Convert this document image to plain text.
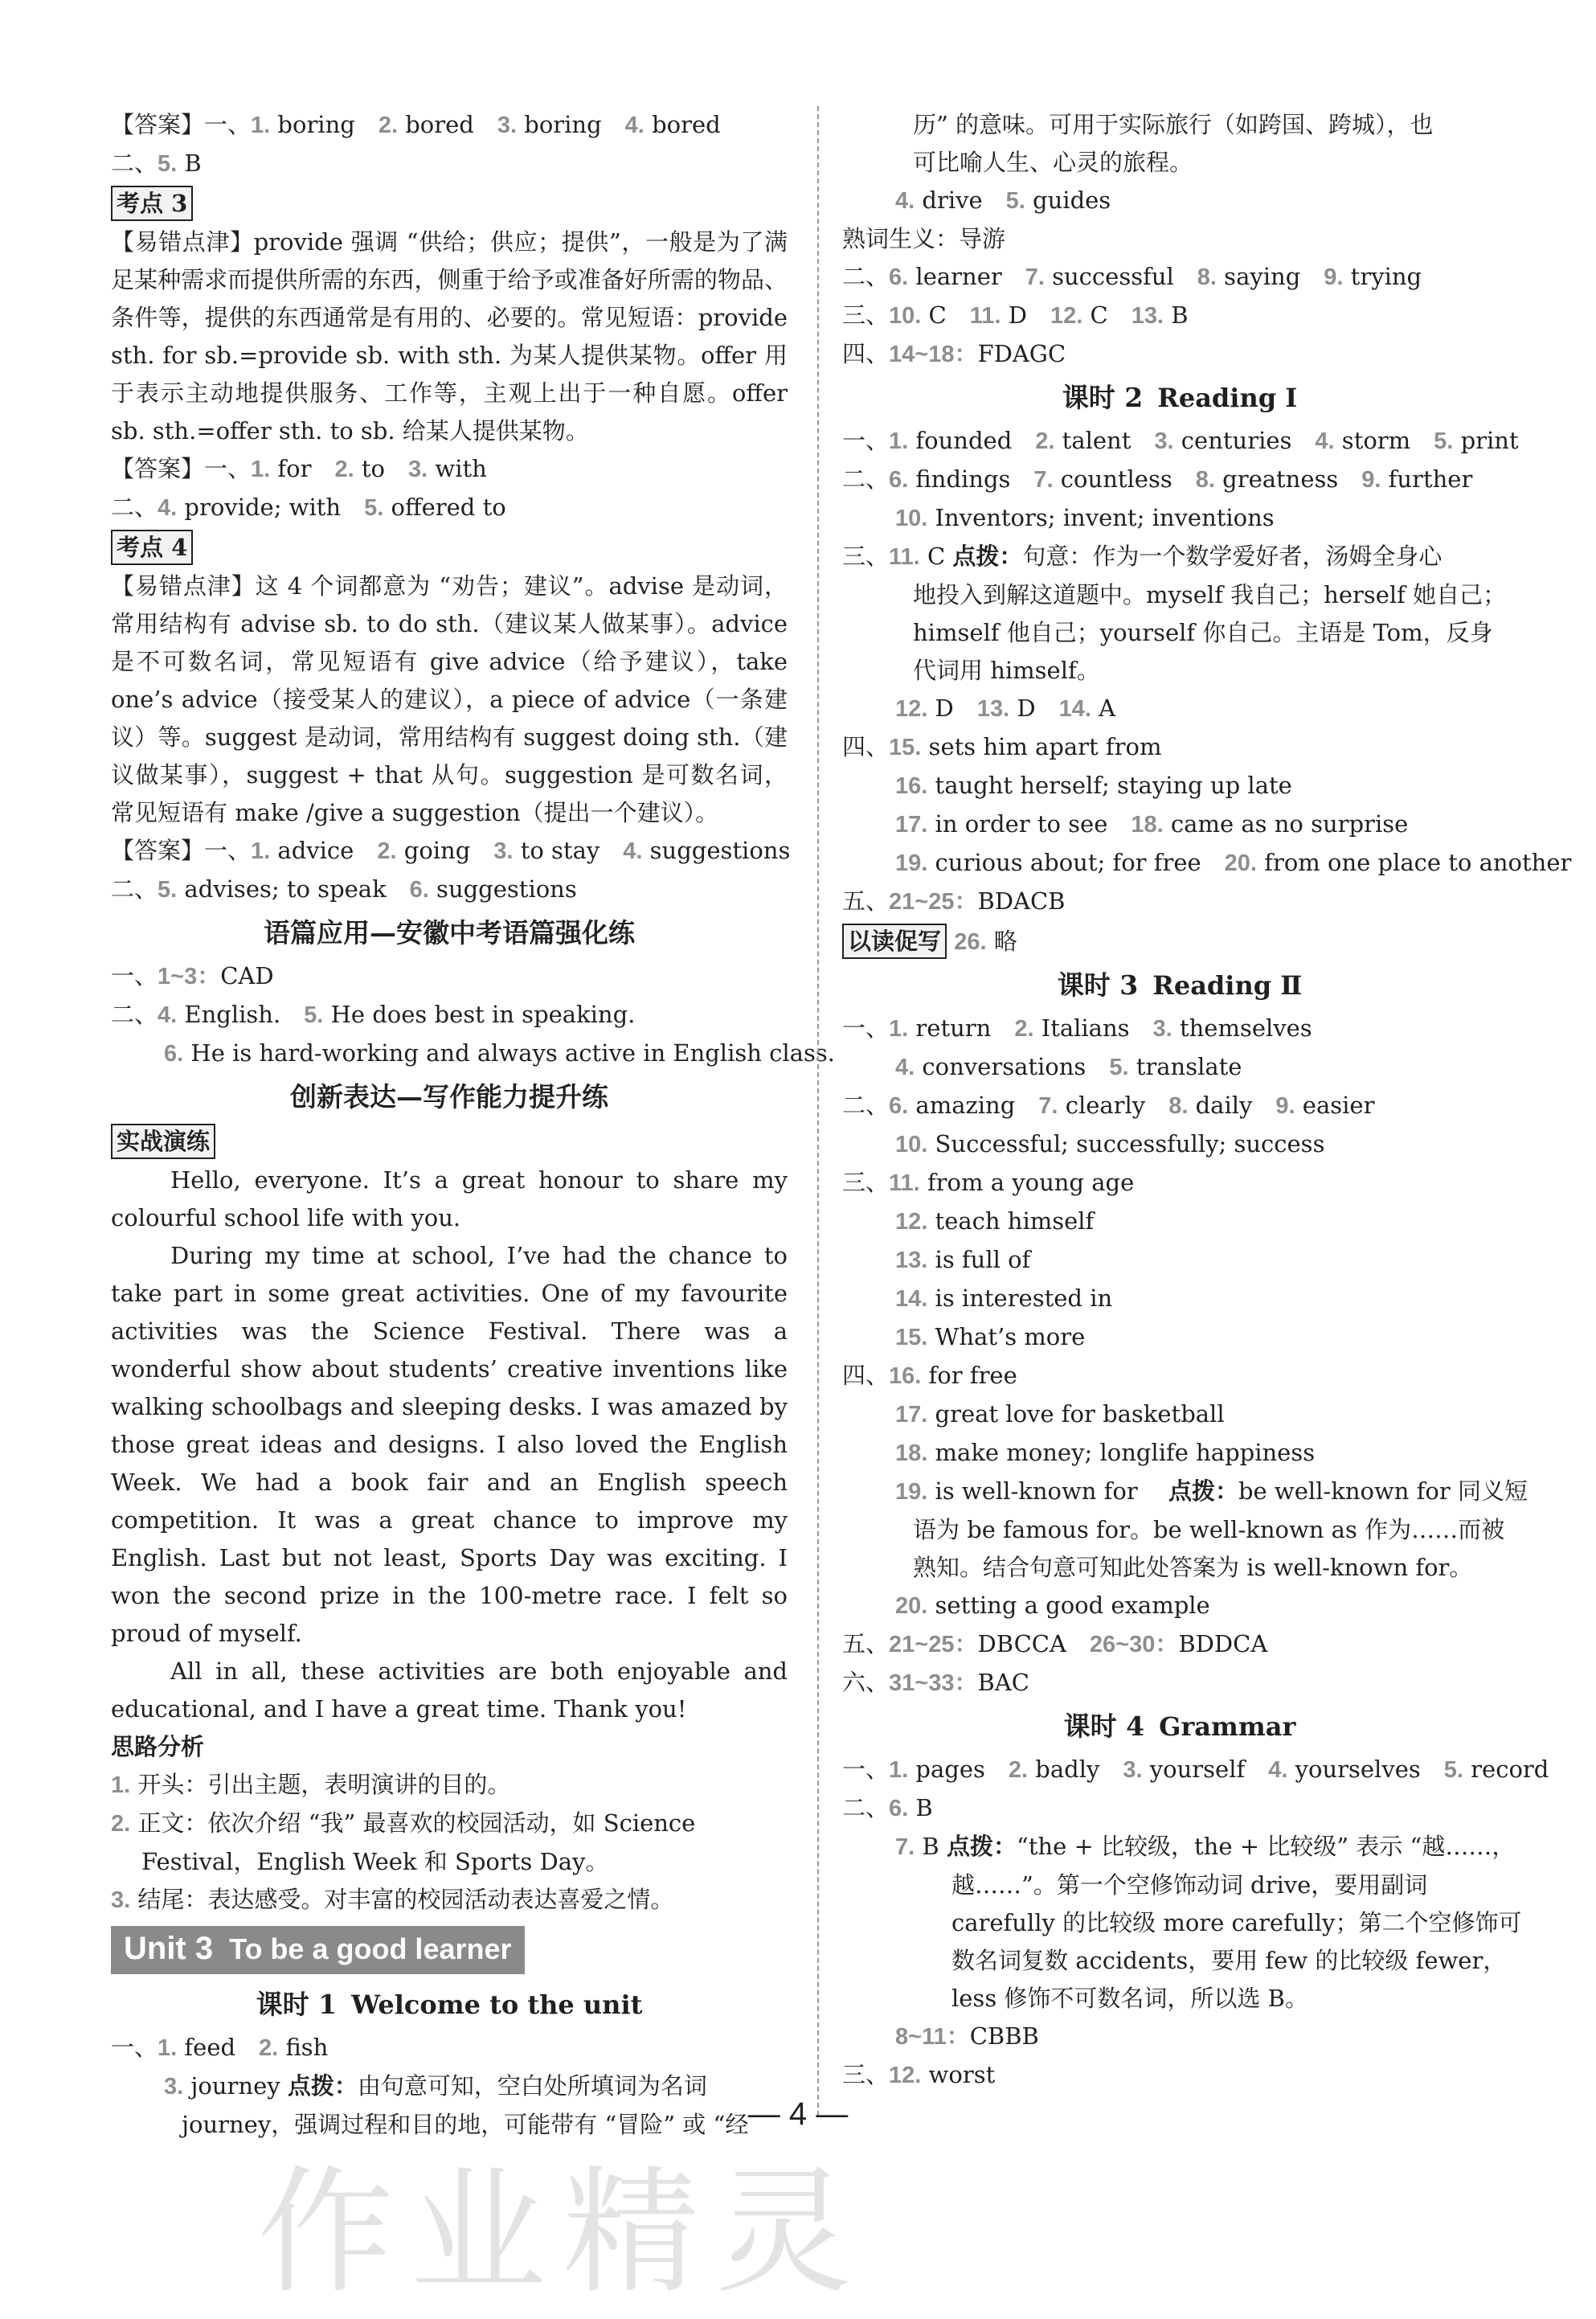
【答案】一、1. boring　2. bored　3. boring　4. bored
二、5. B
考点 3
【易错点津】provide 强调 “供给；供应；提供”，一般是为了满足某种需求而提供所需的东西，侧重于给予或准备好所需的物品、条件等，提供的东西通常是有用的、必要的。常见短语：provide sth. for sb.=provide sb. with sth. 为某人提供某物。offer 用于表示主动地提供服务、工作等，主观上出于一种自愿。offer sb. sth.=offer sth. to sb. 给某人提供某物。
【答案】一、1. for　2. to　3. with
二、4. provide; with　5. offered to
考点 4
【易错点津】这 4 个词都意为 “劝告；建议”。advise 是动词，常用结构有 advise sb. to do sth.（建议某人做某事）。advice 是不可数名词，常见短语有 give advice（给予建议），take one’s advice（接受某人的建议），a piece of advice（一条建议）等。suggest 是动词，常用结构有 suggest doing sth.（建议做某事），suggest + that 从句。suggestion 是可数名词，常见短语有 make /give a suggestion（提出一个建议）。
【答案】一、1. advice　2. going　3. to stay　4. suggestions
二、5. advises; to speak　6. suggestions
语篇应用—安徽中考语篇强化练
一、1~3：CAD
二、4. English.　5. He does best in speaking.
6. He is hard-working and always active in English class.
创新表达—写作能力提升练
实战演练
Hello, everyone. It’s a great honour to share my colourful school life with you.
During my time at school, I’ve had the chance to take part in some great activities. One of my favourite activities was the Science Festival. There was a wonderful show about students’ creative inventions like walking schoolbags and sleeping desks. I was amazed by those great ideas and designs. I also loved the English Week. We had a book fair and an English speech competition. It was a great chance to improve my English. Last but not least, Sports Day was exciting. I won the second prize in the 100-metre race. I felt so proud of myself.
All in all, these activities are both enjoyable and educational, and I have a great time. Thank you!
思路分析
1. 开头：引出主题，表明演讲的目的。
2. 正文：依次介绍 “我” 最喜欢的校园活动，如 Science
Festival，English Week 和 Sports Day。
3. 结尾：表达感受。对丰富的校园活动表达喜爱之情。
Unit 3 To be a good learner
课时 1 Welcome to the unit
一、1. feed　2. fish
3. journey 点拨：由句意可知，空白处所填词为名词
journey，强调过程和目的地，可能带有 “冒险” 或 “经
历” 的意味。可用于实际旅行（如跨国、跨城），也
可比喻人生、心灵的旅程。
4. drive　5. guides
熟词生义：导游
二、6. learner　7. successful　8. saying　9. trying
三、10. C　11. D　12. C　13. B
四、14~18：FDAGC
课时 2 Reading Ⅰ
一、1. founded　2. talent　3. centuries　4. storm　5. print
二、6. findings　7. countless　8. greatness　9. further
10. Inventors; invent; inventions
三、11. C 点拨：句意：作为一个数学爱好者，汤姆全身心
地投入到解这道题中。myself 我自己；herself 她自己；
himself 他自己；yourself 你自己。主语是 Tom，反身
代词用 himself。
12. D　13. D　14. A
四、15. sets him apart from
16. taught herself; staying up late
17. in order to see　18. came as no surprise
19. curious about; for free　20. from one place to another
五、21~25：BDACB
以读促写 26. 略
课时 3 Reading Ⅱ
一、1. return　2. Italians　3. themselves
4. conversations　5. translate
二、6. amazing　7. clearly　8. daily　9. easier
10. Successful; successfully; success
三、11. from a young age
12. teach himself
13. is full of
14. is interested in
15. What’s more
四、16. for free
17. great love for basketball
18. make money; longlife happiness
19. is well-known for　 点拨：be well-known for 同义短
语为 be famous for。be well-known as 作为……而被
熟知。结合句意可知此处答案为 is well-known for。
20. setting a good example
五、21~25：DBCCA　26~30：BDDCA
六、31~33：BAC
课时 4 Grammar
一、1. pages　2. badly　3. yourself　4. yourselves　5. record
二、6. B
7. B 点拨：“the + 比较级，the + 比较级” 表示 “越……，
越……”。第一个空修饰动词 drive，要用副词
carefully 的比较级 more carefully；第二个空修饰可
数名词复数 accidents，要用 few 的比较级 fewer，
less 修饰不可数名词，所以选 B。
8~11：CBBB
三、12. worst
— 4 —
作业精灵
